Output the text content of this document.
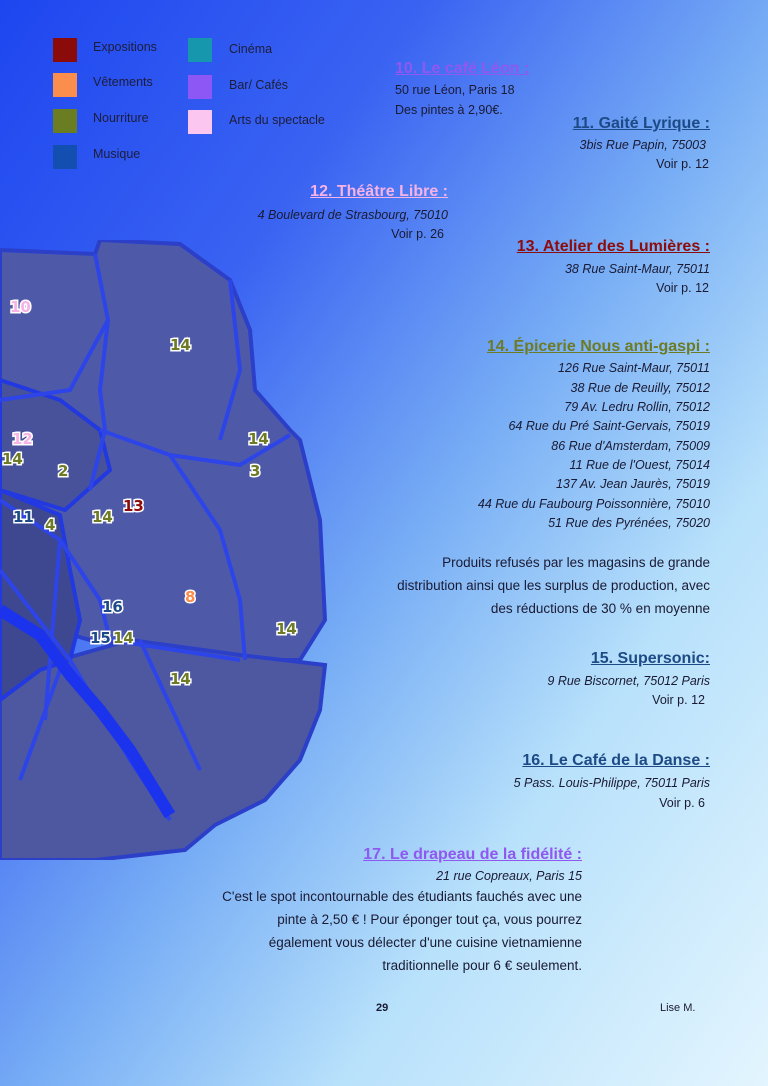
Expositions
Vêtements
Nourriture
Musique
Cinéma
Bar/ Cafés
Arts du spectacle
10
14
12	14
2
14
3
11 4 14
13
16
8
15 14	14
14
10. Le café Léon :
50 rue Léon, Paris 18
Des pintes à 2,90€.
11. Gaité Lyrique :
3bis Rue Papin, 75003
Voir p. 12
12. Théâtre Libre :
4 Boulevard de Strasbourg, 75010
Voir p. 26
13. Atelier des Lumières :
38 Rue Saint-Maur, 75011
Voir p. 12
14. Épicerie Nous anti-gaspi :
126 Rue Saint-Maur, 75011
38 Rue de Reuilly, 75012
79 Av. Ledru Rollin, 75012
64 Rue du Pré Saint-Gervais, 75019
86 Rue d'Amsterdam, 75009
11 Rue de l'Ouest, 75014
137 Av. Jean Jaurès, 75019
44 Rue du Faubourg Poissonnière, 75010
51 Rue des Pyrénées, 75020
Produits refusés par les magasins de grande
distribution ainsi que les surplus de production, avec
des réductions de 30 % en moyenne
15. Supersonic:
9 Rue Biscornet, 75012 Paris
Voir p. 12
16. Le Café de la Danse :
5 Pass. Louis-Philippe, 75011 Paris
Voir p. 6
17. Le drapeau de la fidélité :
21 rue Copreaux, Paris 15
C'est le spot incontournable des étudiants fauchés avec une
pinte à 2,50 € ! Pour éponger tout ça, vous pourrez
également vous délecter d'une cuisine vietnamienne
traditionnelle pour 6 € seulement.
29	Lise M.
